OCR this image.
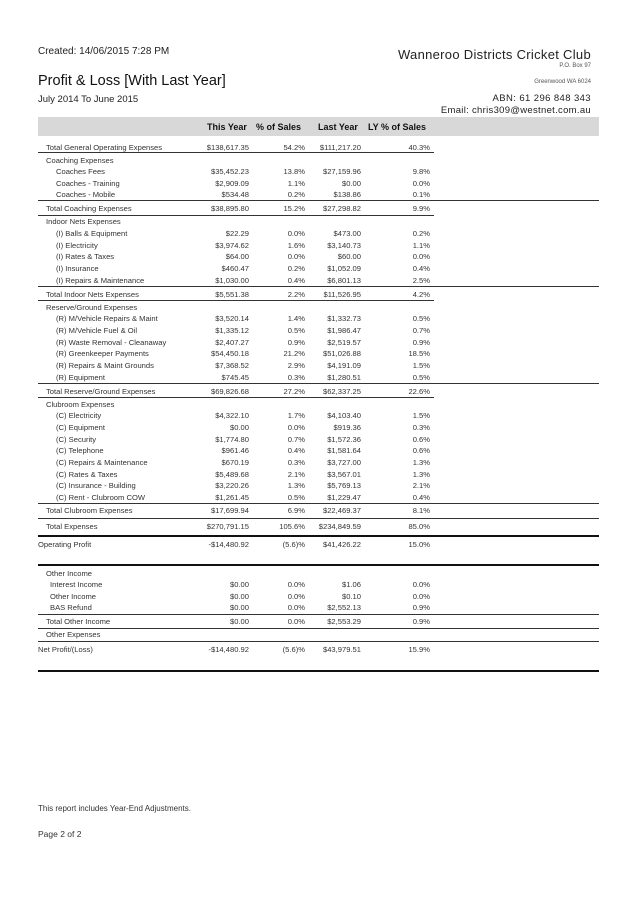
Created: 14/06/2015 7:28 PM
Profit & Loss [With Last Year]
July 2014 To June 2015
Wanneroo Districts Cricket Club
P.O. Box 97
Greenwood WA 6024
ABN: 61 296 848 343
Email: chris309@westnet.com.au
This Year % of Sales Last Year LY % of Sales
Total General Operating Expenses	$138,617.35	54.2% $111,217.20	40.3%
Coaching Expenses
Coaches Fees	$35,452.23	13.8% $27,159.96	9.8%
Coaches - Training	$2,909.09	1.1%	$0.00	0.0%
Coaches - Mobile	$534.48	0.2%	$138.86	0.1%
Total Coaching Expenses	$38,895.80	15.2% $27,298.82	9.9%
Indoor Nets Expenses
(I) Balls & Equipment	$22.29	0.0%	$473.00	0.2%
(I) Electricity	$3,974.62	1.6%	$3,140.73	1.1%
(I) Rates & Taxes	$64.00	0.0%	$60.00	0.0%
(I) Insurance	$460.47	0.2%	$1,052.09	0.4%
(I) Repairs & Maintenance	$1,030.00	0.4%	$6,801.13	2.5%
Total Indoor Nets Expenses	$5,551.38	2.2% $11,526.95	4.2%
Reserve/Ground Expenses
(R) M/Vehicle Repairs & Maint	$3,520.14	1.4%	$1,332.73	0.5%
(R) M/Vehicle Fuel & Oil	$1,335.12	0.5%	$1,986.47	0.7%
(R) Waste Removal - Cleanaway	$2,407.27	0.9%	$2,519.57	0.9%
(R) Greenkeeper Payments	$54,450.18	21.2% $51,026.88	18.5%
(R) Repairs & Maint Grounds	$7,368.52	2.9%	$4,191.09	1.5%
(R) Equipment	$745.45	0.3%	$1,280.51	0.5%
Total Reserve/Ground Expenses	$69,826.68	27.2% $62,337.25	22.6%
Clubroom Expenses
(C) Electricity	$4,322.10	1.7%	$4,103.40	1.5%
(C) Equipment	$0.00	0.0%	$919.36	0.3%
(C) Security	$1,774.80	0.7%	$1,572.36	0.6%
(C) Telephone	$961.46	0.4%	$1,581.64	0.6%
(C) Repairs & Maintenance	$670.19	0.3%	$3,727.00	1.3%
(C) Rates & Taxes	$5,489.68	2.1%	$3,567.01	1.3%
(C) Insurance - Building	$3,220.26	1.3%	$5,769.13	2.1%
(C) Rent - Clubroom COW	$1,261.45	0.5%	$1,229.47	0.4%
Total Clubroom Expenses	$17,699.94	6.9% $22,469.37	8.1%
Total Expenses	$270,791.15	105.6% $234,849.59	85.0%
Operating Profit	-$14,480.92	(5.6)% $41,426.22	15.0%
Other Income
Interest Income	$0.00	0.0%	$1.06	0.0%
Other Income	$0.00	0.0%	$0.10	0.0%
BAS Refund	$0.00	0.0%	$2,552.13	0.9%
Total Other Income	$0.00	0.0%	$2,553.29	0.9%
Other Expenses
Net Profit/(Loss)	-$14,480.92	(5.6)% $43,979.51	15.9%
This report includes Year-End Adjustments.
Page 2 of 2
